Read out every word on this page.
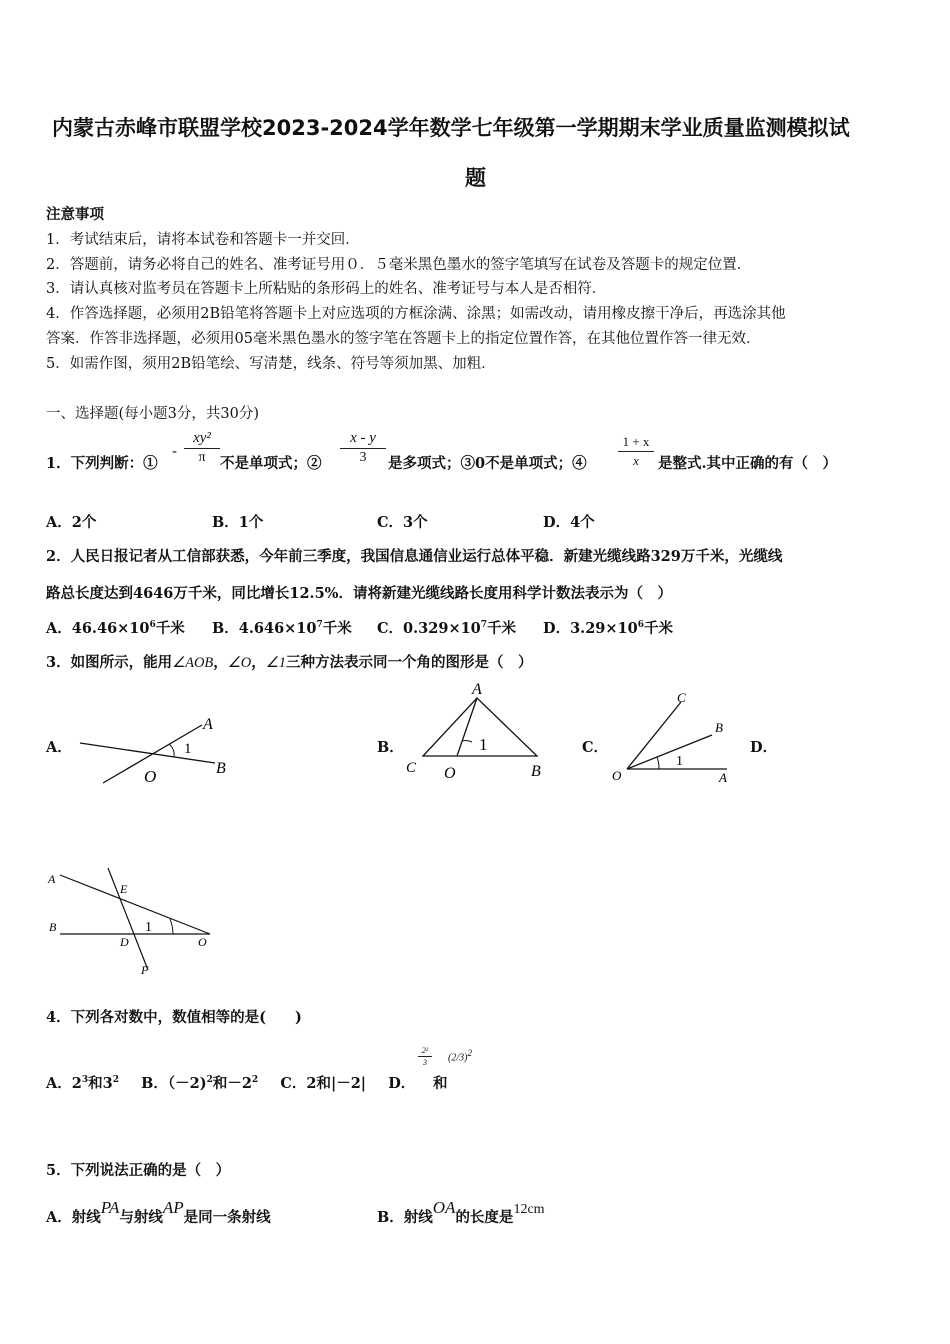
内蒙古赤峰市联盟学校2023-2024学年数学七年级第一学期期末学业质量监测模拟试
题
注意事项
1．考试结束后，请将本试卷和答题卡一并交回．
2．答题前，请务必将自己的姓名、准考证号用０．５毫米黑色墨水的签字笔填写在试卷及答题卡的规定位置．
3．请认真核对监考员在答题卡上所粘贴的条形码上的姓名、准考证号与本人是否相符．
4．作答选择题，必须用2B铅笔将答题卡上对应选项的方框涂满、涂黑；如需改动，请用橡皮擦干净后，再选涂其他
答案．作答非选择题，必须用05毫米黑色墨水的签字笔在答题卡上的指定位置作答，在其他位置作答一律无效．
5．如需作图，须用2B铅笔绘、写清楚，线条、符号等须加黑、加粗．
一、选择题(每小题3分，共30分)
1．下列判断：①
-
xy²
π 不是单项式；②
x - y
3	是多项式；③0不是单项式；④
1 + x
x	是整式.其中正确的有（　）
A．2个	B．1个	C．3个	D．4个
2．人民日报记者从工信部获悉，今年前三季度，我国信息通信业运行总体平稳．新建光缆线路329万千米，光缆线
路总长度达到4646万千米，同比增长12.5%．请将新建光缆线路长度用科学计数法表示为（　）
A．$46.46\times 10^6$千米 B．$4.646\times 10^7$千米 C．$0.329\times 10^7$千米 D．$3.29\times 10^6$千米
3．如图所示，能用∠AOB，∠O，∠1三种方法表示同一个角的图形是（　）
A．	B．	C．	D．
A
B
O
1
A
C O	B
1
C
B
O	A
1
A
E
B
D	O
F
1
4．下列各对数中，数值相等的是(　　)
A．$2^3$和$3^2$ B．（－2)$^2$和$-2^2$ C．2和|－2| D．
2²
3
和
$(2/3)^2$
5．下列说法正确的是（　）
A．射线PA与射线AP是同一条射线	B．射线OA的长度是12cm
